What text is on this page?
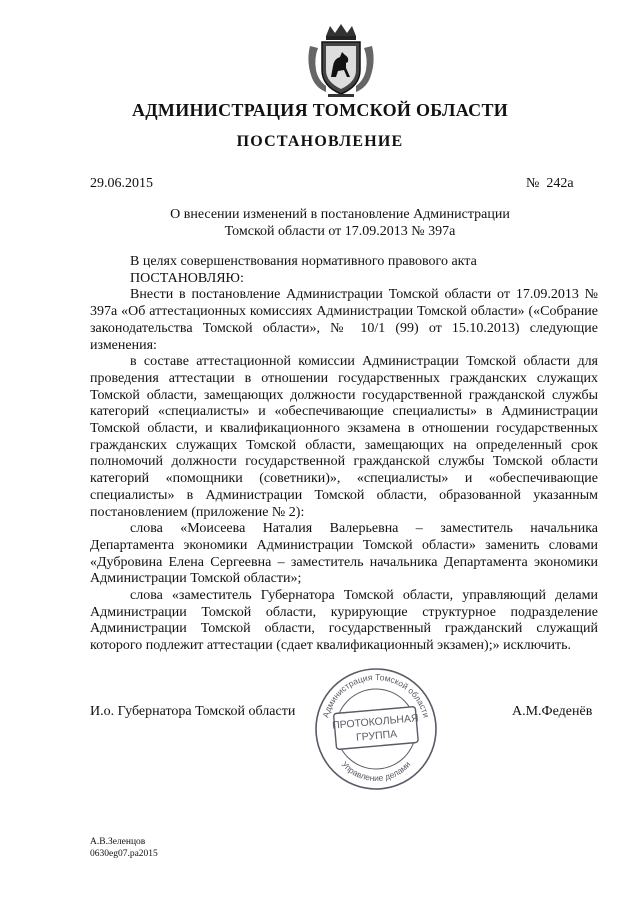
АДМИНИСТРАЦИЯ ТОМСКОЙ ОБЛАСТИ
ПОСТАНОВЛЕНИЕ
29.06.2015	№  242а
О внесении изменений в постановление Администрации
Томской области от 17.09.2013 № 397а

В целях совершенствования нормативного правового акта

ПОСТАНОВЛЯЮ:

Внести в постановление Администрации Томской области от 17.09.2013 № 397а «Об аттестационных комиссиях Администрации Томской области» («Собрание законодательства Томской области», № 10/1 (99) от 15.10.2013) следующие изменения:

в составе аттестационной комиссии Администрации Томской области для проведения аттестации в отношении государственных гражданских служащих Томской области, замещающих должности государственной гражданской службы категорий «специалисты» и «обеспечивающие специалисты» в Администрации Томской области, и квалификационного экзамена в отношении государственных гражданских служащих Томской области, замещающих на определенный срок полномочий должности государственной гражданской службы Томской области категорий «помощники (советники)», «специалисты» и «обеспечивающие специалисты» в Администрации Томской области, образованной указанным постановлением (приложение № 2):

слова «Моисеева Наталия Валерьевна – заместитель начальника Департамента экономики Администрации Томской области» заменить словами «Дубровина Елена Сергеевна – заместитель начальника Департамента экономики Администрации Томской области»;

слова «заместитель Губернатора Томской области, управляющий делами Администрации Томской области, курирующие структурное подразделение Администрации Томской области, государственный гражданский служащий которого подлежит аттестации (сдает квалификационный экзамен);» исключить.

И.о. Губернатора Томской области	А.М.Феденёв
Администрация Томской области
Управление делами
ПРОТОКОЛЬНАЯ
ГРУППА
А.В.Зеленцов
0630eg07.pa2015
